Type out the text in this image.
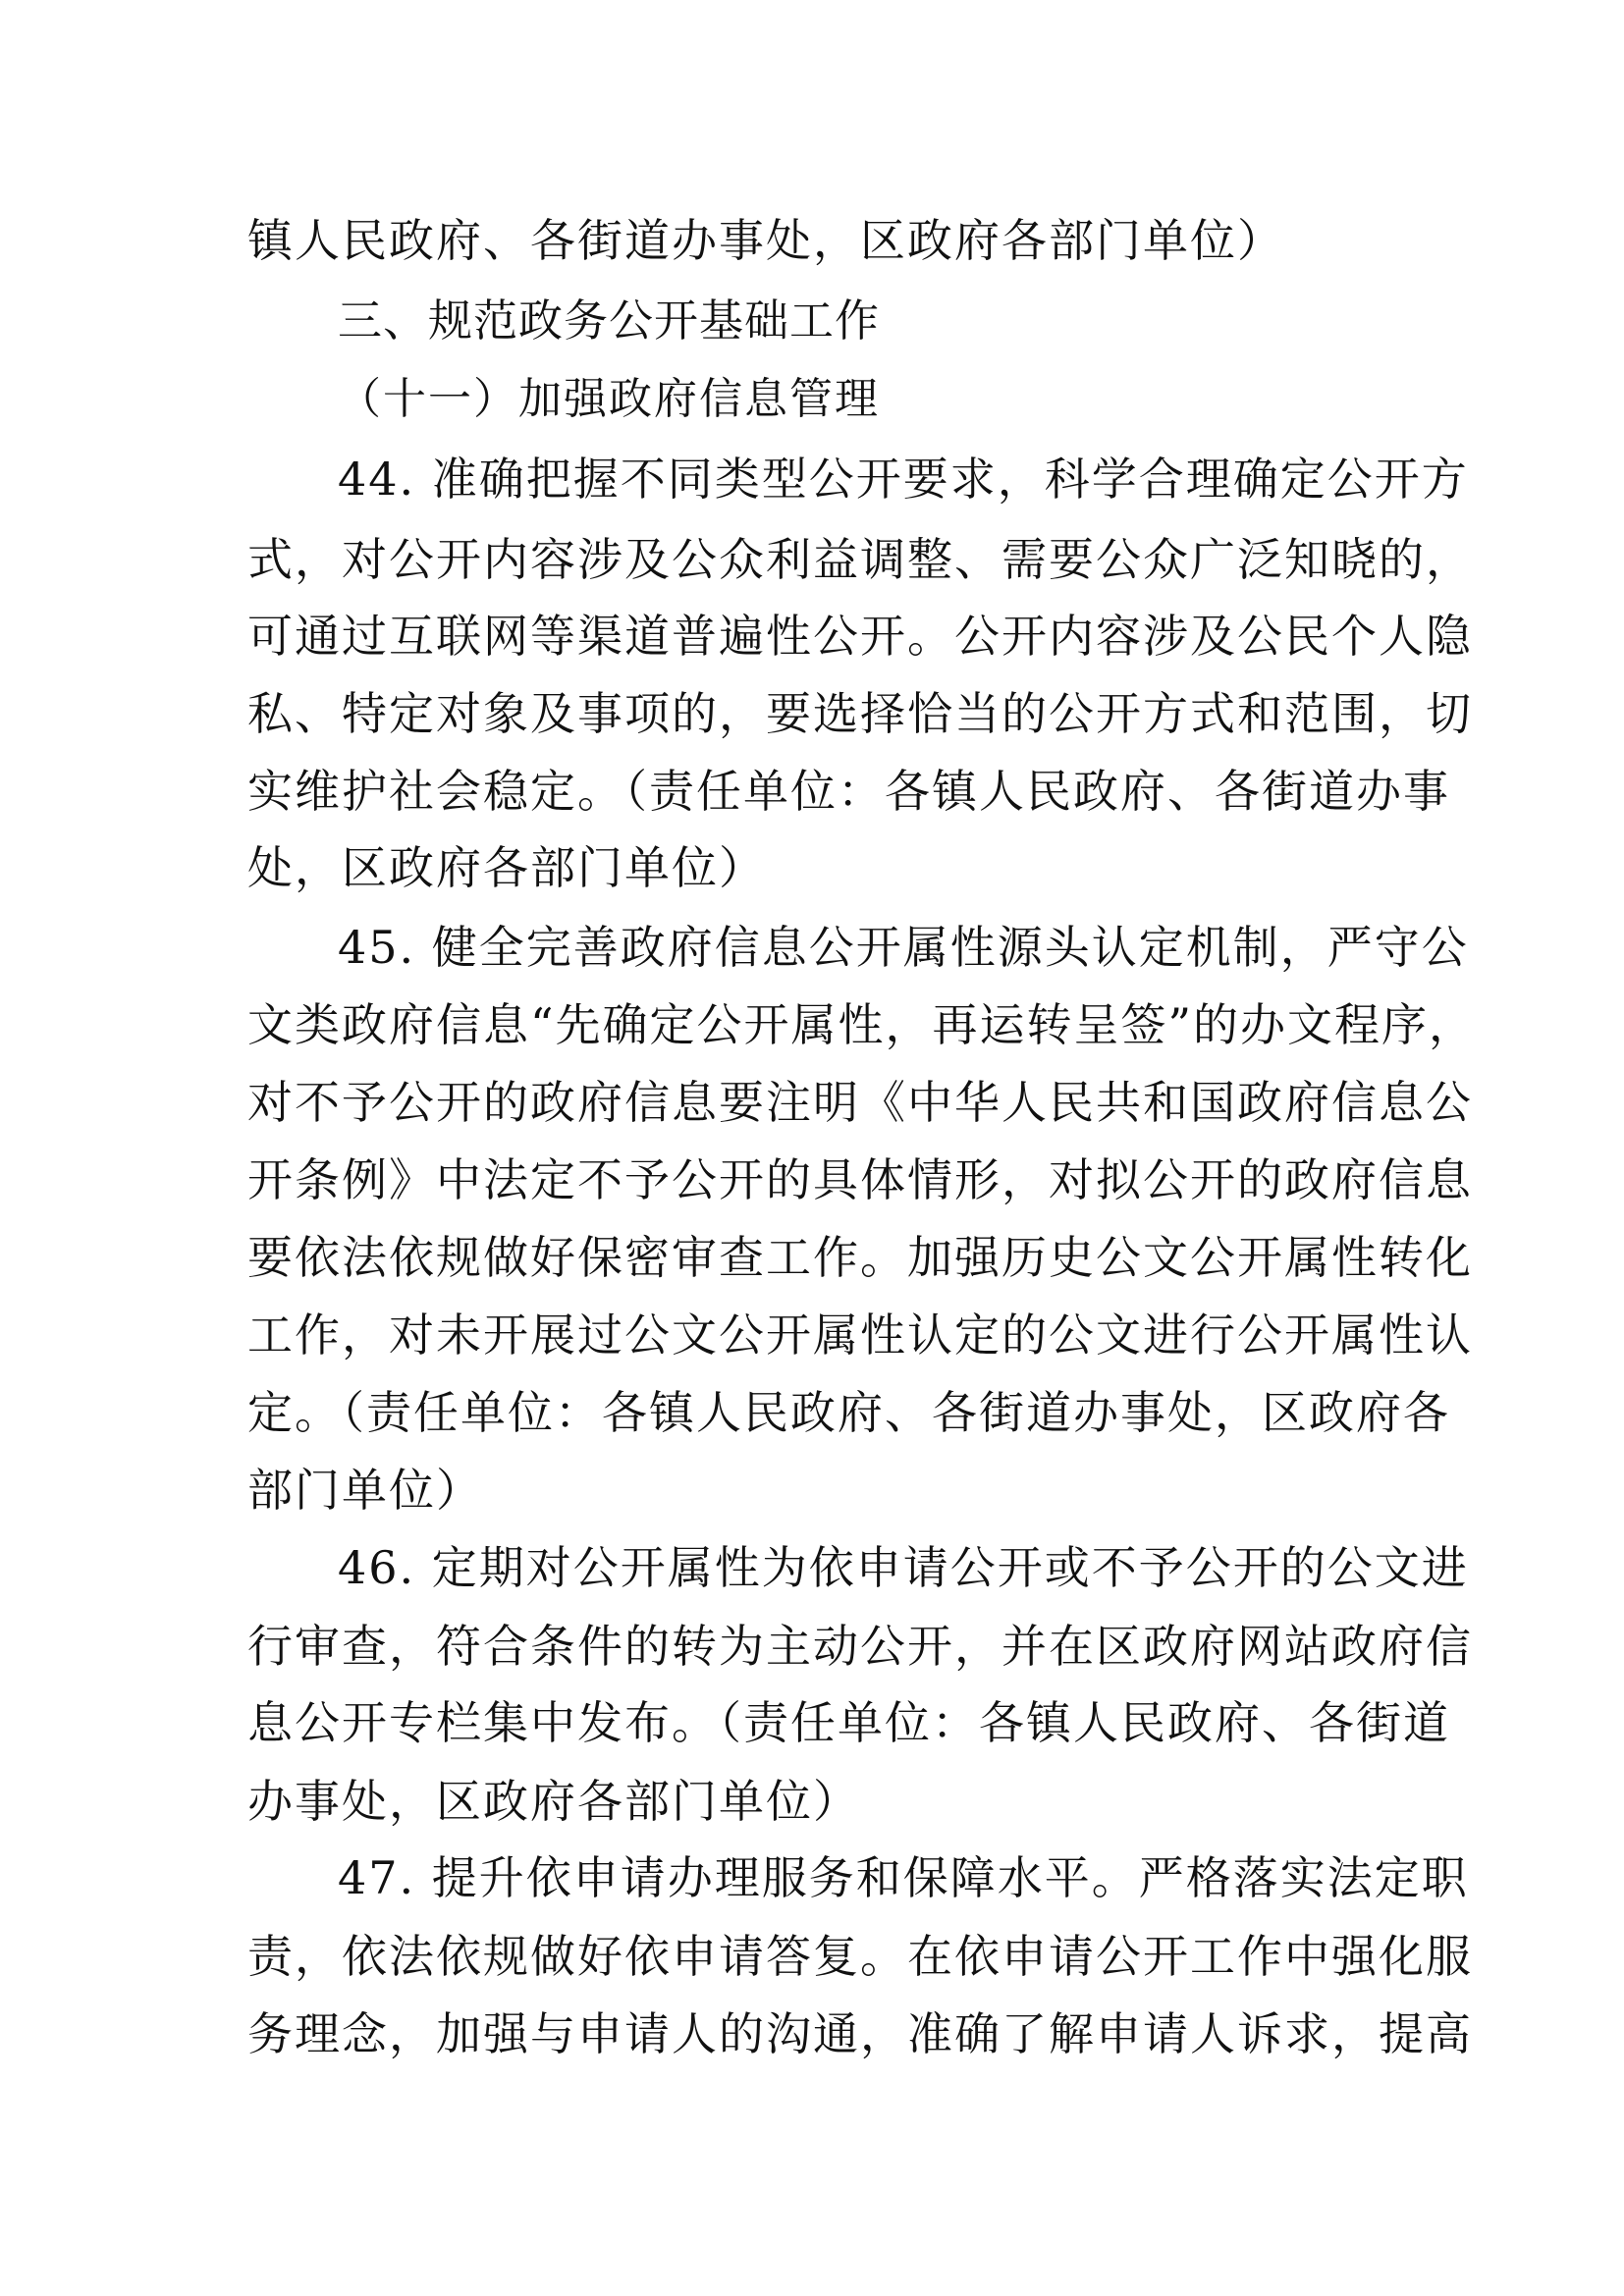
镇人民政府、各街道办事处，区政府各部门单位）
三、规范政务公开基础工作
（十一）加强政府信息管理
44. 准确把握不同类型公开要求，科学合理确定公开方
式，对公开内容涉及公众利益调整、需要公众广泛知晓的，
可通过互联网等渠道普遍性公开。公开内容涉及公民个人隐
私、特定对象及事项的，要选择恰当的公开方式和范围，切
实维护社会稳定。（责任单位：各镇人民政府、各街道办事
处，区政府各部门单位）
45. 健全完善政府信息公开属性源头认定机制，严守公
文类政府信息“先确定公开属性，再运转呈签”的办文程序，
对不予公开的政府信息要注明《中华人民共和国政府信息公
开条例》中法定不予公开的具体情形，对拟公开的政府信息
要依法依规做好保密审查工作。加强历史公文公开属性转化
工作，对未开展过公文公开属性认定的公文进行公开属性认
定。（责任单位：各镇人民政府、各街道办事处，区政府各
部门单位）
46. 定期对公开属性为依申请公开或不予公开的公文进
行审查，符合条件的转为主动公开，并在区政府网站政府信
息公开专栏集中发布。（责任单位：各镇人民政府、各街道
办事处，区政府各部门单位）
47. 提升依申请办理服务和保障水平。严格落实法定职
责，依法依规做好依申请答复。在依申请公开工作中强化服
务理念，加强与申请人的沟通，准确了解申请人诉求，提高
